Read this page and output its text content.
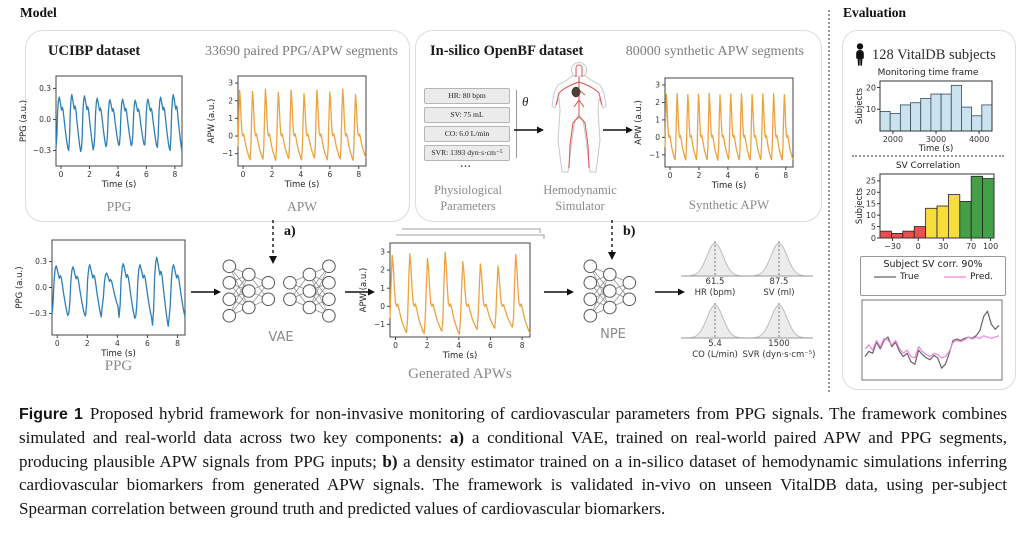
Model	Evaluation
UCIBP dataset	33690 paired PPG/APW segments
0.3
0.0
−0.3
0	2	4	6	8
Time (s)
PPG (a.u.)
PPG
3
2
1
0
−1
0	2	4	6	8
Time (s)
APW (a.u.)
APW
In-silico OpenBF dataset	80000 synthetic APW segments
HR: 80 bpm
SV: 75 mL
CO: 6.0 L/min
SVR: 1393 dyn·s·cm⁻⁵
...
θ
3
2
1
0
−1
0	2	4	6	8
Time (s)
APW (a.u.)
Synthetic APW
Physiological
Parameters
Hemodynamic
Simulator
0.3
0.0
−0.3
0	2	4	6	8
Time (s)
PPG (a.u.)
PPG
VAE
a)
3
2
1
0
−1
0	2	4	6	8
Time (s)
APW (a.u.)
Generated APWs
NPE
b)
61.5
HR (bpm)
87.5
SV (ml)
5.4
CO (L/min)
1500
SVR (dyn·s·cm⁻⁵)
128 VitalDB subjects
Monitoring time frame
10
20
2000	3000	4000
Time (s)
Subjects
SV Correlation
0
5
10
15
20
25
−30 0 30 70 100
Subjects
Subject SV corr. 90%
True	Pred.
Figure 1 Proposed hybrid framework for non-invasive monitoring of cardiovascular parameters from PPG signals. The framework combines simulated and real-world data across two key components: a) a conditional VAE, trained on real-world paired APW and PPG segments, producing plausible APW signals from PPG inputs; b) a density estimator trained on a in-silico dataset of hemodynamic simulations inferring cardiovascular biomarkers from generated APW signals. The framework is validated in-vivo on unseen VitalDB data, using per-subject Spearman correlation between ground truth and predicted values of cardiovascular biomarkers.
